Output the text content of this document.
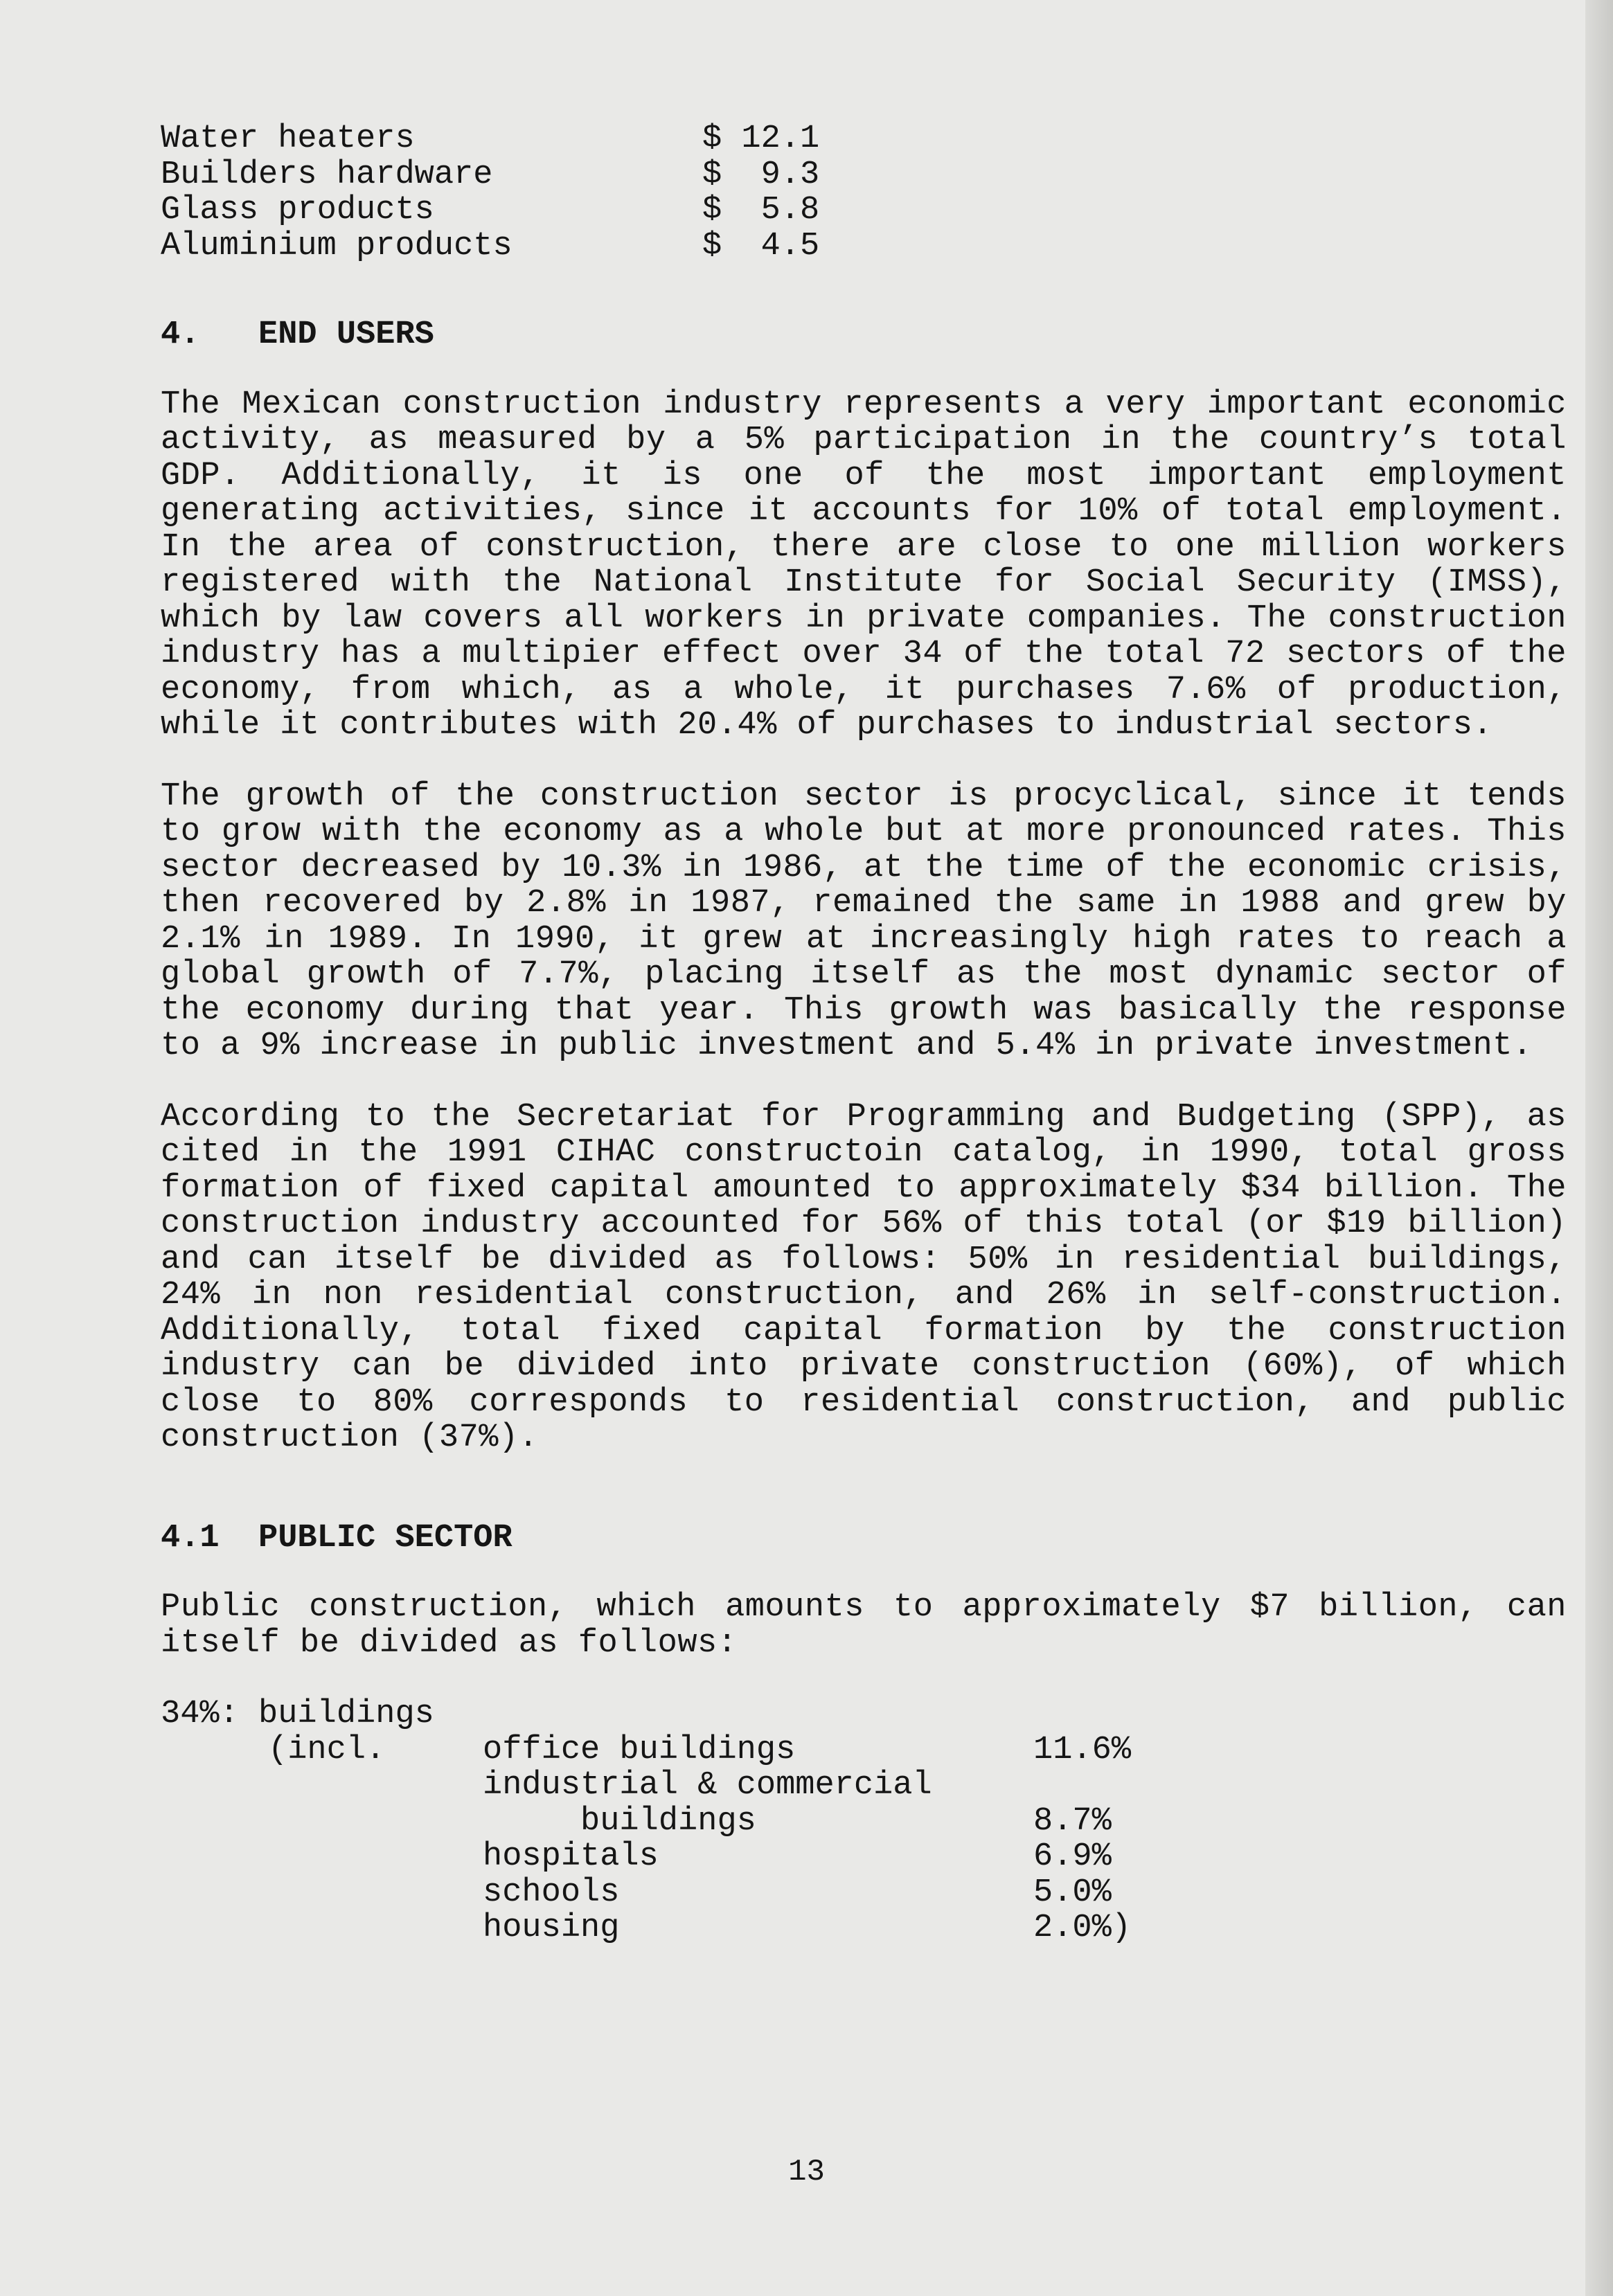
Water heaters	$ 12.1
Builders hardware	$  9.3
Glass products	$  5.8
Aluminium products	$  4.5
4.   END USERS

The Mexican construction industry represents a very important economic activity, as measured by a 5% participation in the country’s total GDP. Additionally, it is one of the most important employment generating activities, since it accounts for 10% of total employment. In the area of construction, there are close to one million workers registered with the National Institute for Social Security (IMSS), which by law covers all workers in private companies. The construction industry has a multipier effect over 34 of the total 72 sectors of the economy, from which, as a whole, it purchases 7.6% of production, while it contributes with 20.4% of purchases to industrial sectors.

The growth of the construction sector is procyclical, since it tends to grow with the economy as a whole but at more pronounced rates. This sector decreased by 10.3% in 1986, at the time of the economic crisis, then recovered by 2.8% in 1987, remained the same in 1988 and grew by 2.1% in 1989. In 1990, it grew at increasingly high rates to reach a global growth of 7.7%, placing itself as the most dynamic sector of the economy during that year. This growth was basically the response to a 9% increase in public investment and 5.4% in private investment.

According to the Secretariat for Programming and Budgeting (SPP), as cited in the 1991 CIHAC constructoin catalog, in 1990, total gross formation of fixed capital amounted to approximately $34 billion. The construction industry accounted for 56% of this total (or $19 billion) and can itself be divided as follows: 50% in residential buildings, 24% in non residential construction, and 26% in self-construction. Additionally, total fixed capital formation by the construction industry can be divided into private construction (60%), of which close to 80% corresponds to residential construction, and public construction (37%).

4.1  PUBLIC SECTOR

Public construction, which amounts to approximately $7 billion, can itself be divided as follows:

34%: buildings
(incl.	office buildings	11.6%
industrial & commercial
buildings	8.7%
hospitals	6.9%
schools	5.0%
housing	2.0%)
13
